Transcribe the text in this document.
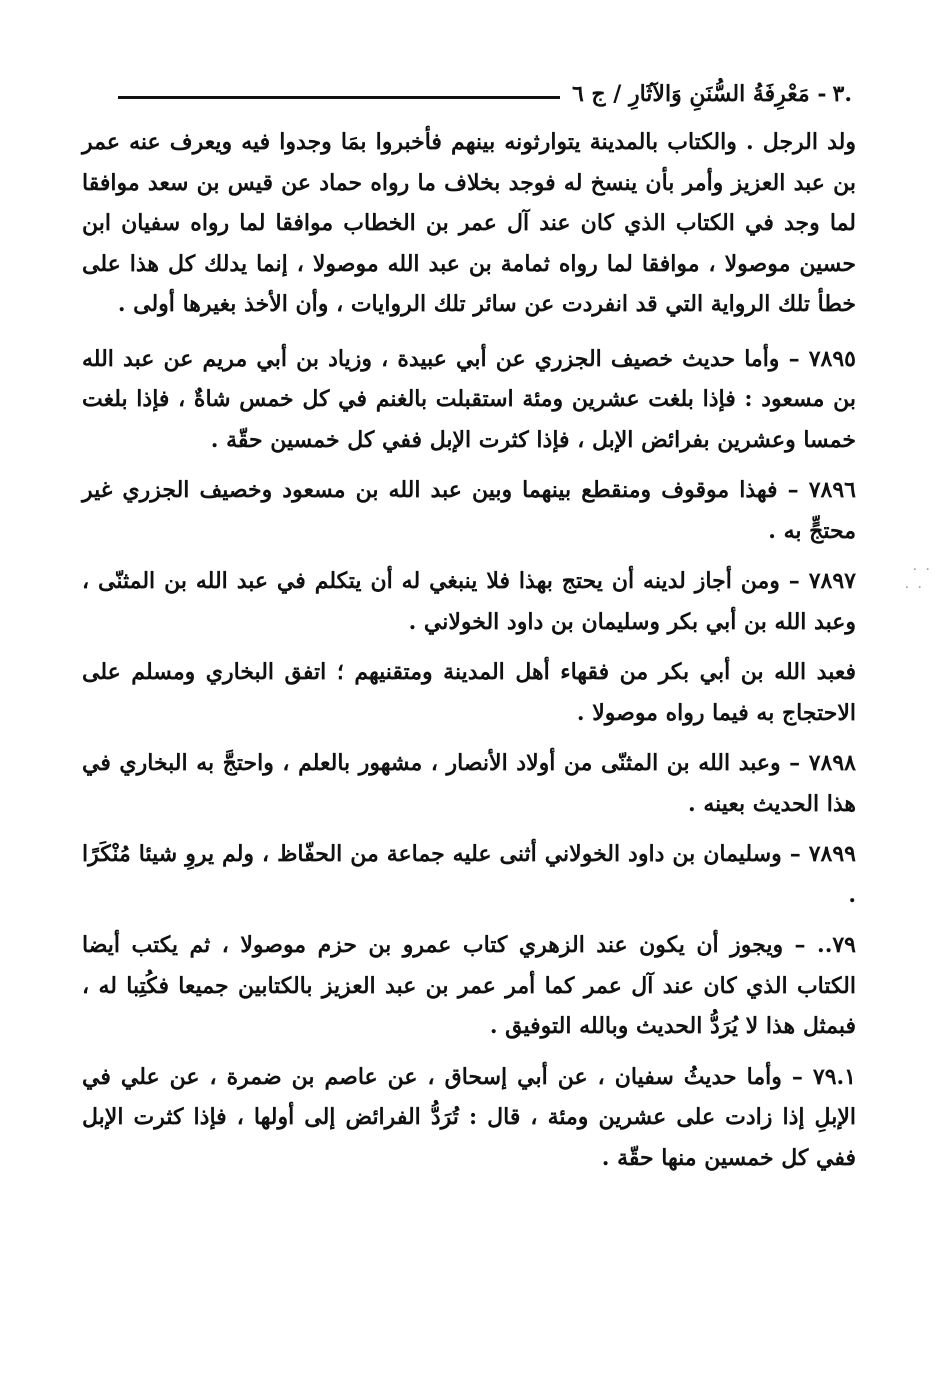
.٣
- مَعْرِفَةُ السُّنَنِ وَالآثَارِ / ج ٦

ولد الرجل . والكتاب بالمدينة يتوارثونه بينهم فأخبروا بمَا وجدوا فيه ويعرف عنه عمر بن عبد العزيز وأمر بأن ينسخ له فوجد بخلاف ما رواه حماد عن قيس بن سعد موافقا لما وجد في الكتاب الذي كان عند آل عمر بن الخطاب موافقا لما رواه سفيان ابن حسين موصولا ، موافقا لما رواه ثمامة بن عبد الله موصولا ، إنما يدلك كل هذا على خطأ تلك الرواية التي قد انفردت عن سائر تلك الروايات ، وأن الأخذ بغيرها أولى .

٧٨٩٥ – وأما حديث خصيف الجزري عن أبي عبيدة ، وزياد بن أبي مريم عن عبد الله بن مسعود : فإذا بلغت عشرين ومئة استقبلت بالغنم في كل خمس شاةٌ ، فإذا بلغت خمسا وعشرين بفرائض الإبل ، فإذا كثرت الإبل ففي كل خمسين حقّة .

٧٨٩٦ – فهذا موقوف ومنقطع بينهما وبين عبد الله بن مسعود وخصيف الجزري غير محتجٍّ به .

٧٨٩٧ – ومن أجاز لدينه أن يحتج بهذا فلا ينبغي له أن يتكلم في عبد الله بن المثنّى ، وعبد الله بن أبي بكر وسليمان بن داود الخولاني .

فعبد الله بن أبي بكر من فقهاء أهل المدينة ومتقنيهم ؛ اتفق البخاري ومسلم على الاحتجاج به فيما رواه موصولا .

٧٨٩٨ – وعبد الله بن المثنّى من أولاد الأنصار ، مشهور بالعلم ، واحتجَّ به البخاري في هذا الحديث بعينه .

٧٨٩٩ – وسليمان بن داود الخولاني أثنى عليه جماعة من الحفّاظ ، ولم يروِ شيئا مُنْكَرًا .

٧٩.. – ويجوز أن يكون عند الزهري كتاب عمرو بن حزم موصولا ، ثم يكتب أيضا الكتاب الذي كان عند آل عمر كما أمر عمر بن عبد العزيز بالكتابين جميعا فكُتِبا له ، فبمثل هذا لا يُرَدُّ الحديث وبالله التوفيق .

٧٩.١ – وأما حديثُ سفيان ، عن أبي إسحاق ، عن عاصم بن ضمرة ، عن علي في الإبلِ إذا زادت على عشرين ومئة ، قال : تُرَدُّ الفرائض إلى أولها ، فإذا كثرت الإبل ففي كل خمسين منها حقّة .

· ·
· ·
